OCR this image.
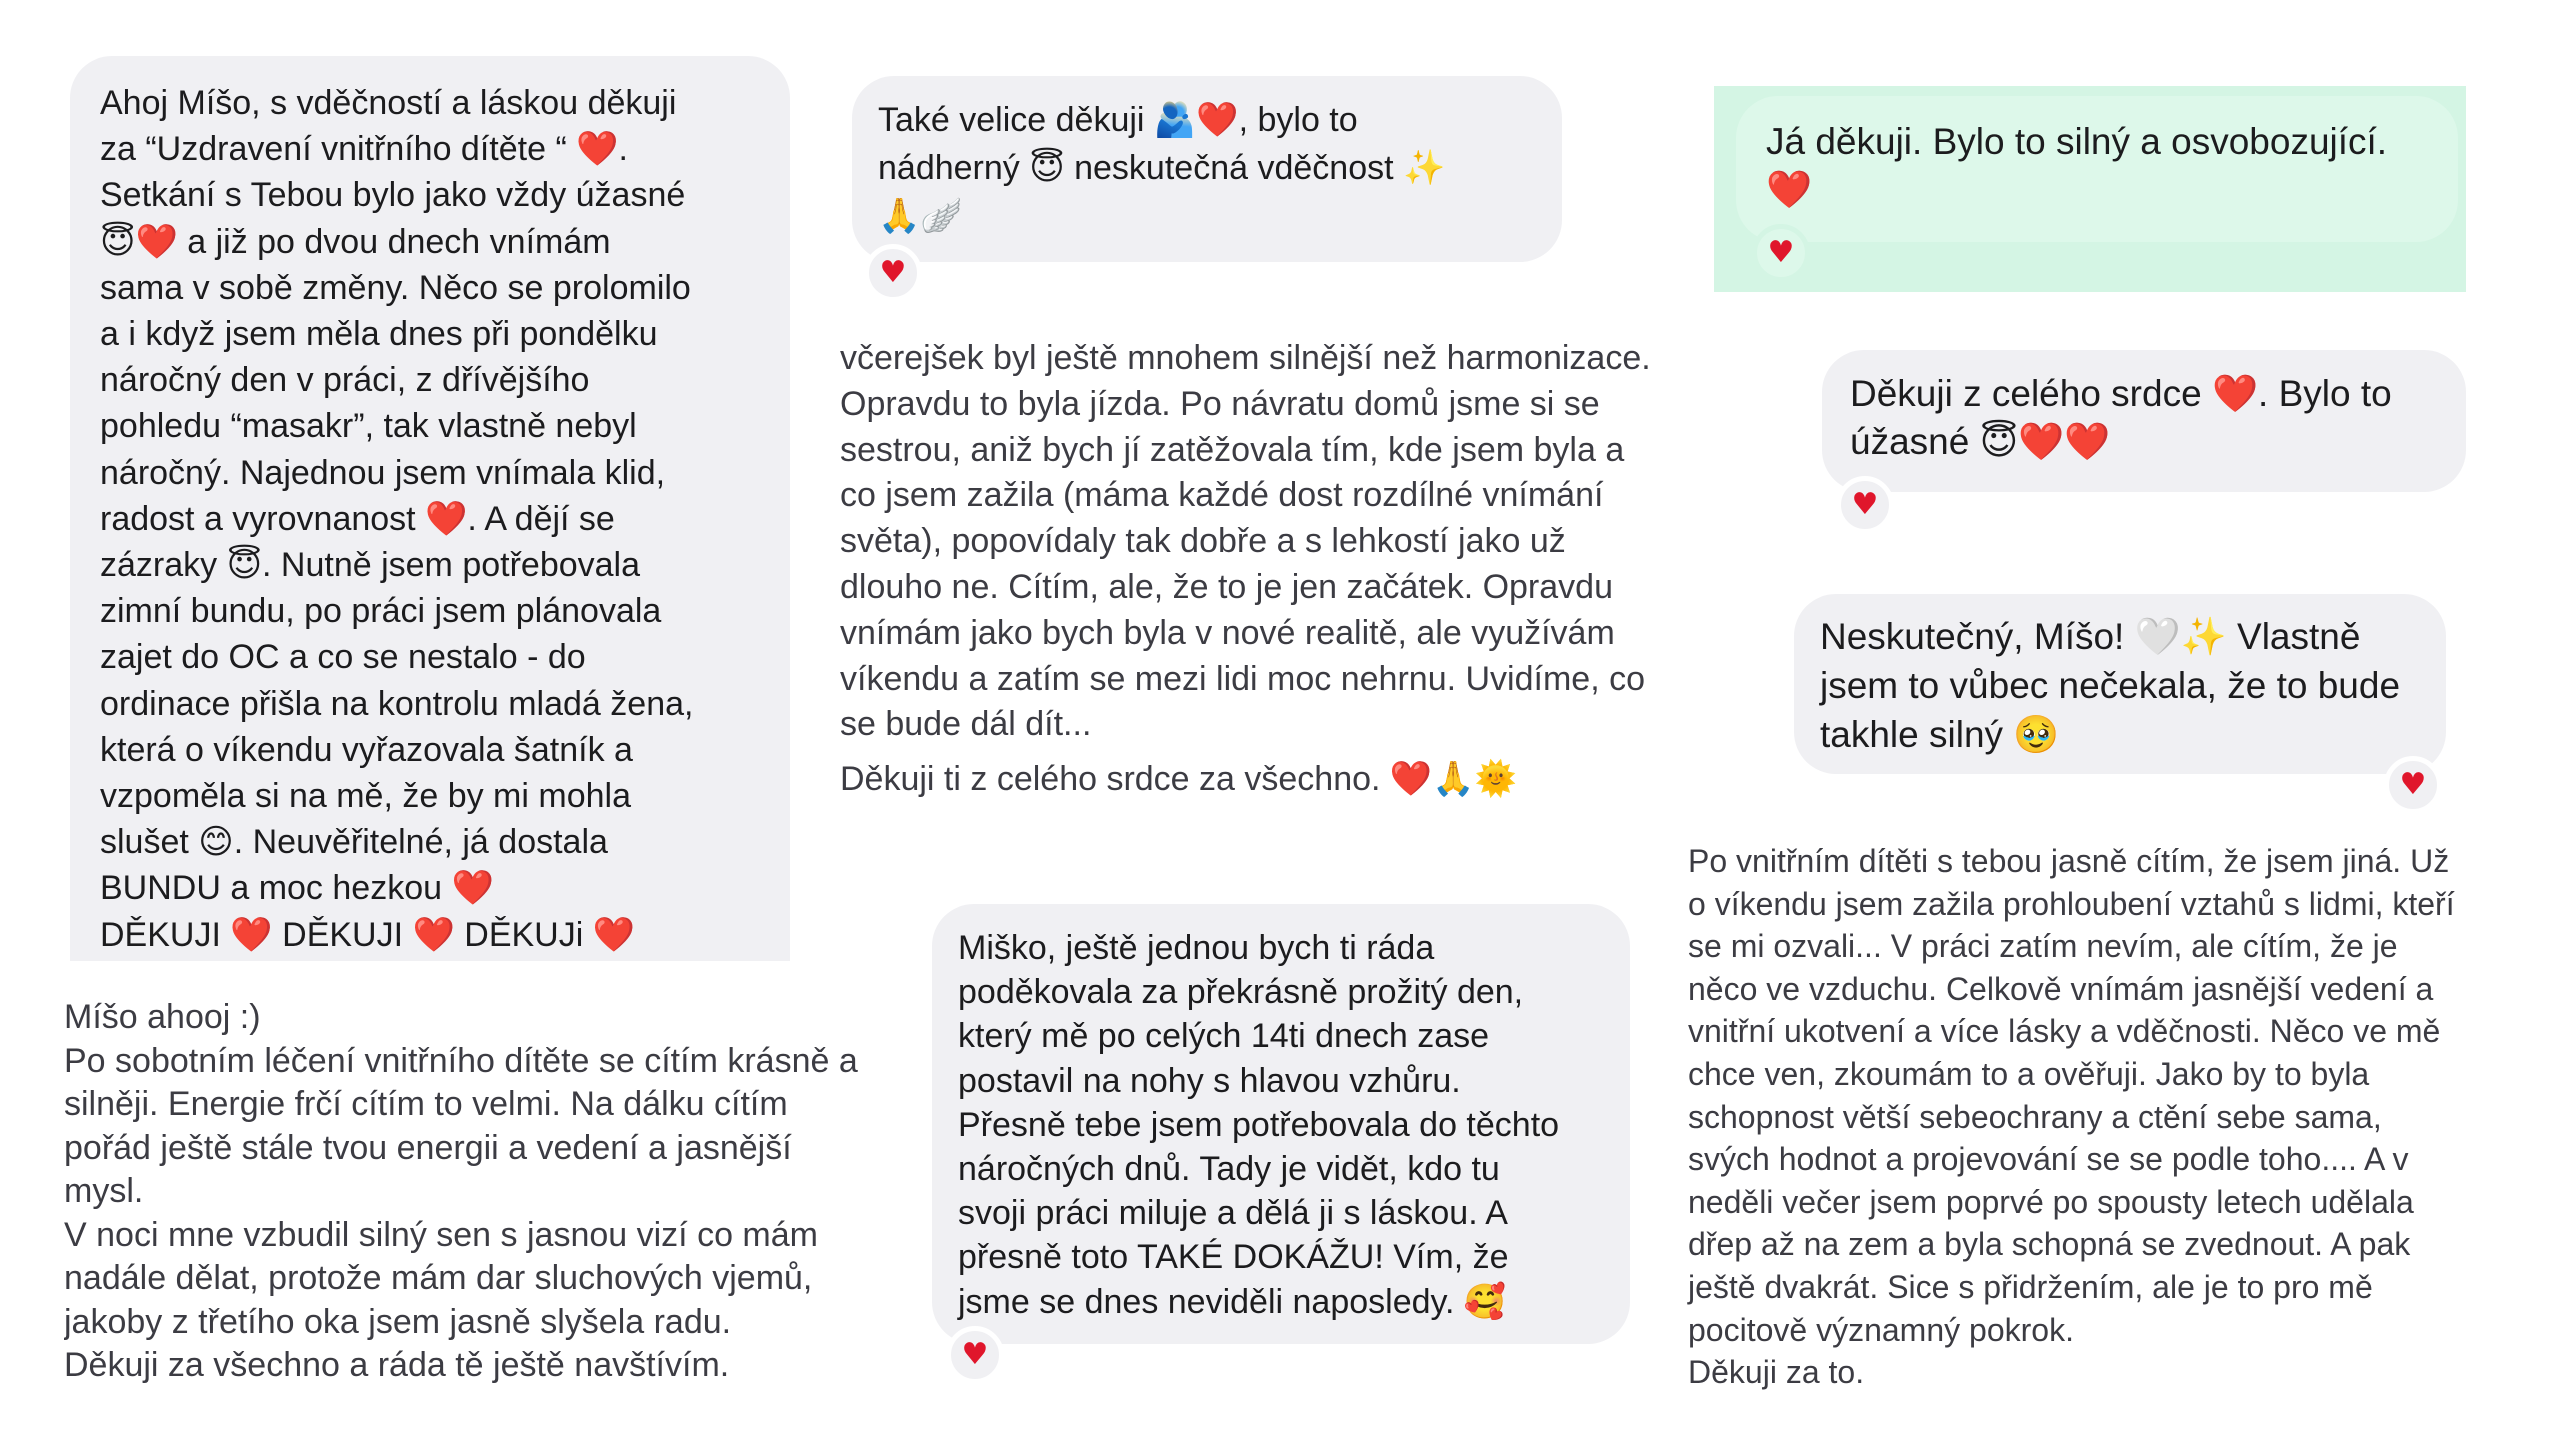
Ahoj Míšo, s vděčností a láskou děkuji
za “Uzdravení vnitřního dítěte “ ❤️.
Setkání s Tebou bylo jako vždy úžasné
😇❤️ a již po dvou dnech vnímám
sama v sobě změny. Něco se prolomilo
a i když jsem měla dnes při pondělku
náročný den v práci, z dřívějšího
pohledu “masakr”, tak vlastně nebyl
náročný. Najednou jsem vnímala klid,
radost a vyrovnanost ❤️. A dějí se
zázraky 😇. Nutně jsem potřebovala
zimní bundu, po práci jsem plánovala
zajet do OC a co se nestalo - do
ordinace přišla na kontrolu mladá žena,
která o víkendu vyřazovala šatník a
vzpoměla si na mě, že by mi mohla
slušet 😊. Neuvěřitelné, já dostala
BUNDU a moc hezkou ❤️
DĚKUJI ❤️ DĚKUJI ❤️ DĚKUJi ❤️

Míšo ahooj :)
Po sobotním léčení vnitřního dítěte se cítím krásně a
silněji. Energie frčí cítím to velmi. Na dálku cítím
pořád ještě stále tvou energii a vedení a jasnější
mysl.
V noci mne vzbudil silný sen s jasnou vizí co mám
nadále dělat, protože mám dar sluchových vjemů,
jakoby z třetího oka jsem jasně slyšela radu.
Děkuji za všechno a ráda tě ještě navštívím.

Také velice děkuji 🫂❤️, bylo to
nádherný 😇 neskutečná vděčnost ✨
🙏🪽

♥

včerejšek byl ještě mnohem silnější než harmonizace.
Opravdu to byla jízda. Po návratu domů jsme si se
sestrou, aniž bych jí zatěžovala tím, kde jsem byla a
co jsem zažila (máma každé dost rozdílné vnímání
světa), popovídaly tak dobře a s lehkostí jako už
dlouho ne. Cítím, ale, že to je jen začátek. Opravdu
vnímám jako bych byla v nové realitě, ale využívám
víkendu a zatím se mezi lidi moc nehrnu. Uvidíme, co
se bude dál dít...

Děkuji ti z celého srdce za všechno. ❤️🙏🌞

Miško, ještě jednou bych ti ráda
poděkovala za překrásně prožitý den,
který mě po celých 14ti dnech zase
postavil na nohy s hlavou vzhůru.
Přesně tebe jsem potřebovala do těchto
náročných dnů. Tady je vidět, kdo tu
svoji práci miluje a dělá ji s láskou. A
přesně toto TAKÉ DOKÁŽU! Vím, že
jsme se dnes neviděli naposledy. 🥰

♥

Já děkuji. Bylo to silný a osvobozující.
❤️

♥

Děkuji z celého srdce ❤️. Bylo to
úžasné 😇❤️❤️

♥

Neskutečný, Míšo! 🤍✨ Vlastně
jsem to vůbec nečekala, že to bude
takhle silný 🥹

♥

Po vnitřním dítěti s tebou jasně cítím, že jsem jiná. Už
o víkendu jsem zažila prohloubení vztahů s lidmi, kteří
se mi ozvali... V práci zatím nevím, ale cítím, že je
něco ve vzduchu. Celkově vnímám jasnější vedení a
vnitřní ukotvení a více lásky a vděčnosti. Něco ve mě
chce ven, zkoumám to a ověřuji. Jako by to byla
schopnost větší sebeochrany a ctění sebe sama,
svých hodnot a projevování se se podle toho.... A v
neděli večer jsem poprvé po spousty letech udělala
dřep až na zem a byla schopná se zvednout. A pak
ještě dvakrát. Sice s přidržením, ale je to pro mě
pocitově významný pokrok.
Děkuji za to.
